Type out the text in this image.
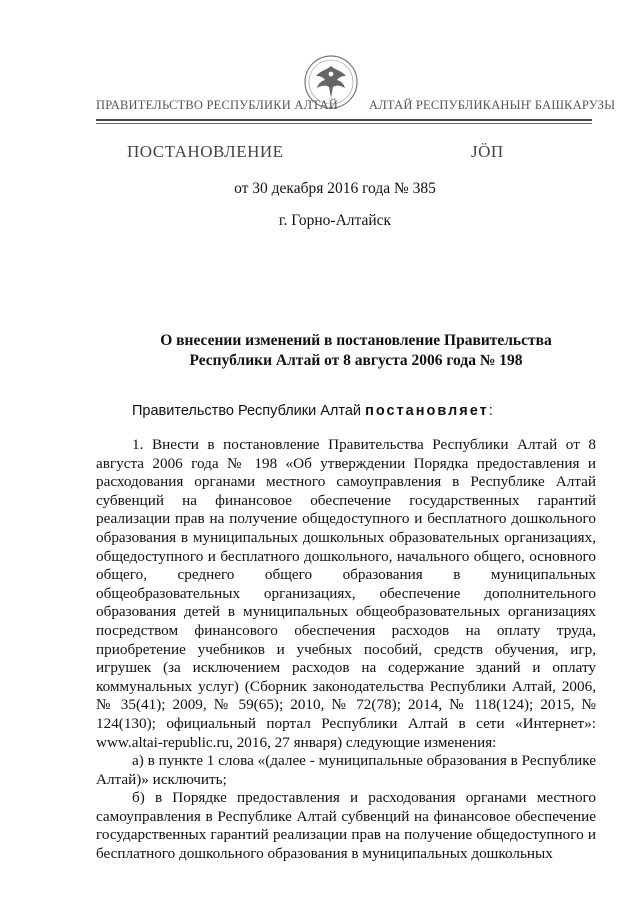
ПРАВИТЕЛЬСТВО РЕСПУБЛИКИ АЛТАЙ АЛТАЙ РЕСПУБЛИКАНЫҤ БАШКАРУЗЫ
ПОСТАНОВЛЕНИЕ	ЈӦП
от 30 декабря 2016 года № 385
г. Горно-Алтайск
О внесении изменений в постановление Правительства
Республики Алтай от 8 августа 2006 года № 198
Правительство Республики Алтай постановляет:

1. Внести в постановление Правительства Республики Алтай от 8 августа 2006 года № 198 «Об утверждении Порядка предоставления и расходования органами местного самоуправления в Республике Алтай субвенций на финансовое обеспечение государственных гарантий реализации прав на получение общедоступного и бесплатного дошкольного образования в муниципальных дошкольных образовательных организациях, общедоступного и бесплатного дошкольного, начального общего, основного общего, среднего общего образования в муниципальных общеобразовательных организациях, обеспечение дополнительного образования детей в муниципальных общеобразовательных организациях посредством финансового обеспечения расходов на оплату труда, приобретение учебников и учебных пособий, средств обучения, игр, игрушек (за исключением расходов на содержание зданий и оплату коммунальных услуг) (Сборник законодательства Республики Алтай, 2006, № 35(41); 2009, № 59(65); 2010, № 72(78); 2014, № 118(124); 2015, № 124(130); официальный портал Республики Алтай в сети «Интернет»: www.altai-republic.ru, 2016, 27 января) следующие изменения:

а) в пункте 1 слова «(далее - муниципальные образования в Республике Алтай)» исключить;

б) в Порядке предоставления и расходования органами местного самоуправления в Республике Алтай субвенций на финансовое обеспечение государственных гарантий реализации прав на получение общедоступного и бесплатного дошкольного образования в муниципальных дошкольных
